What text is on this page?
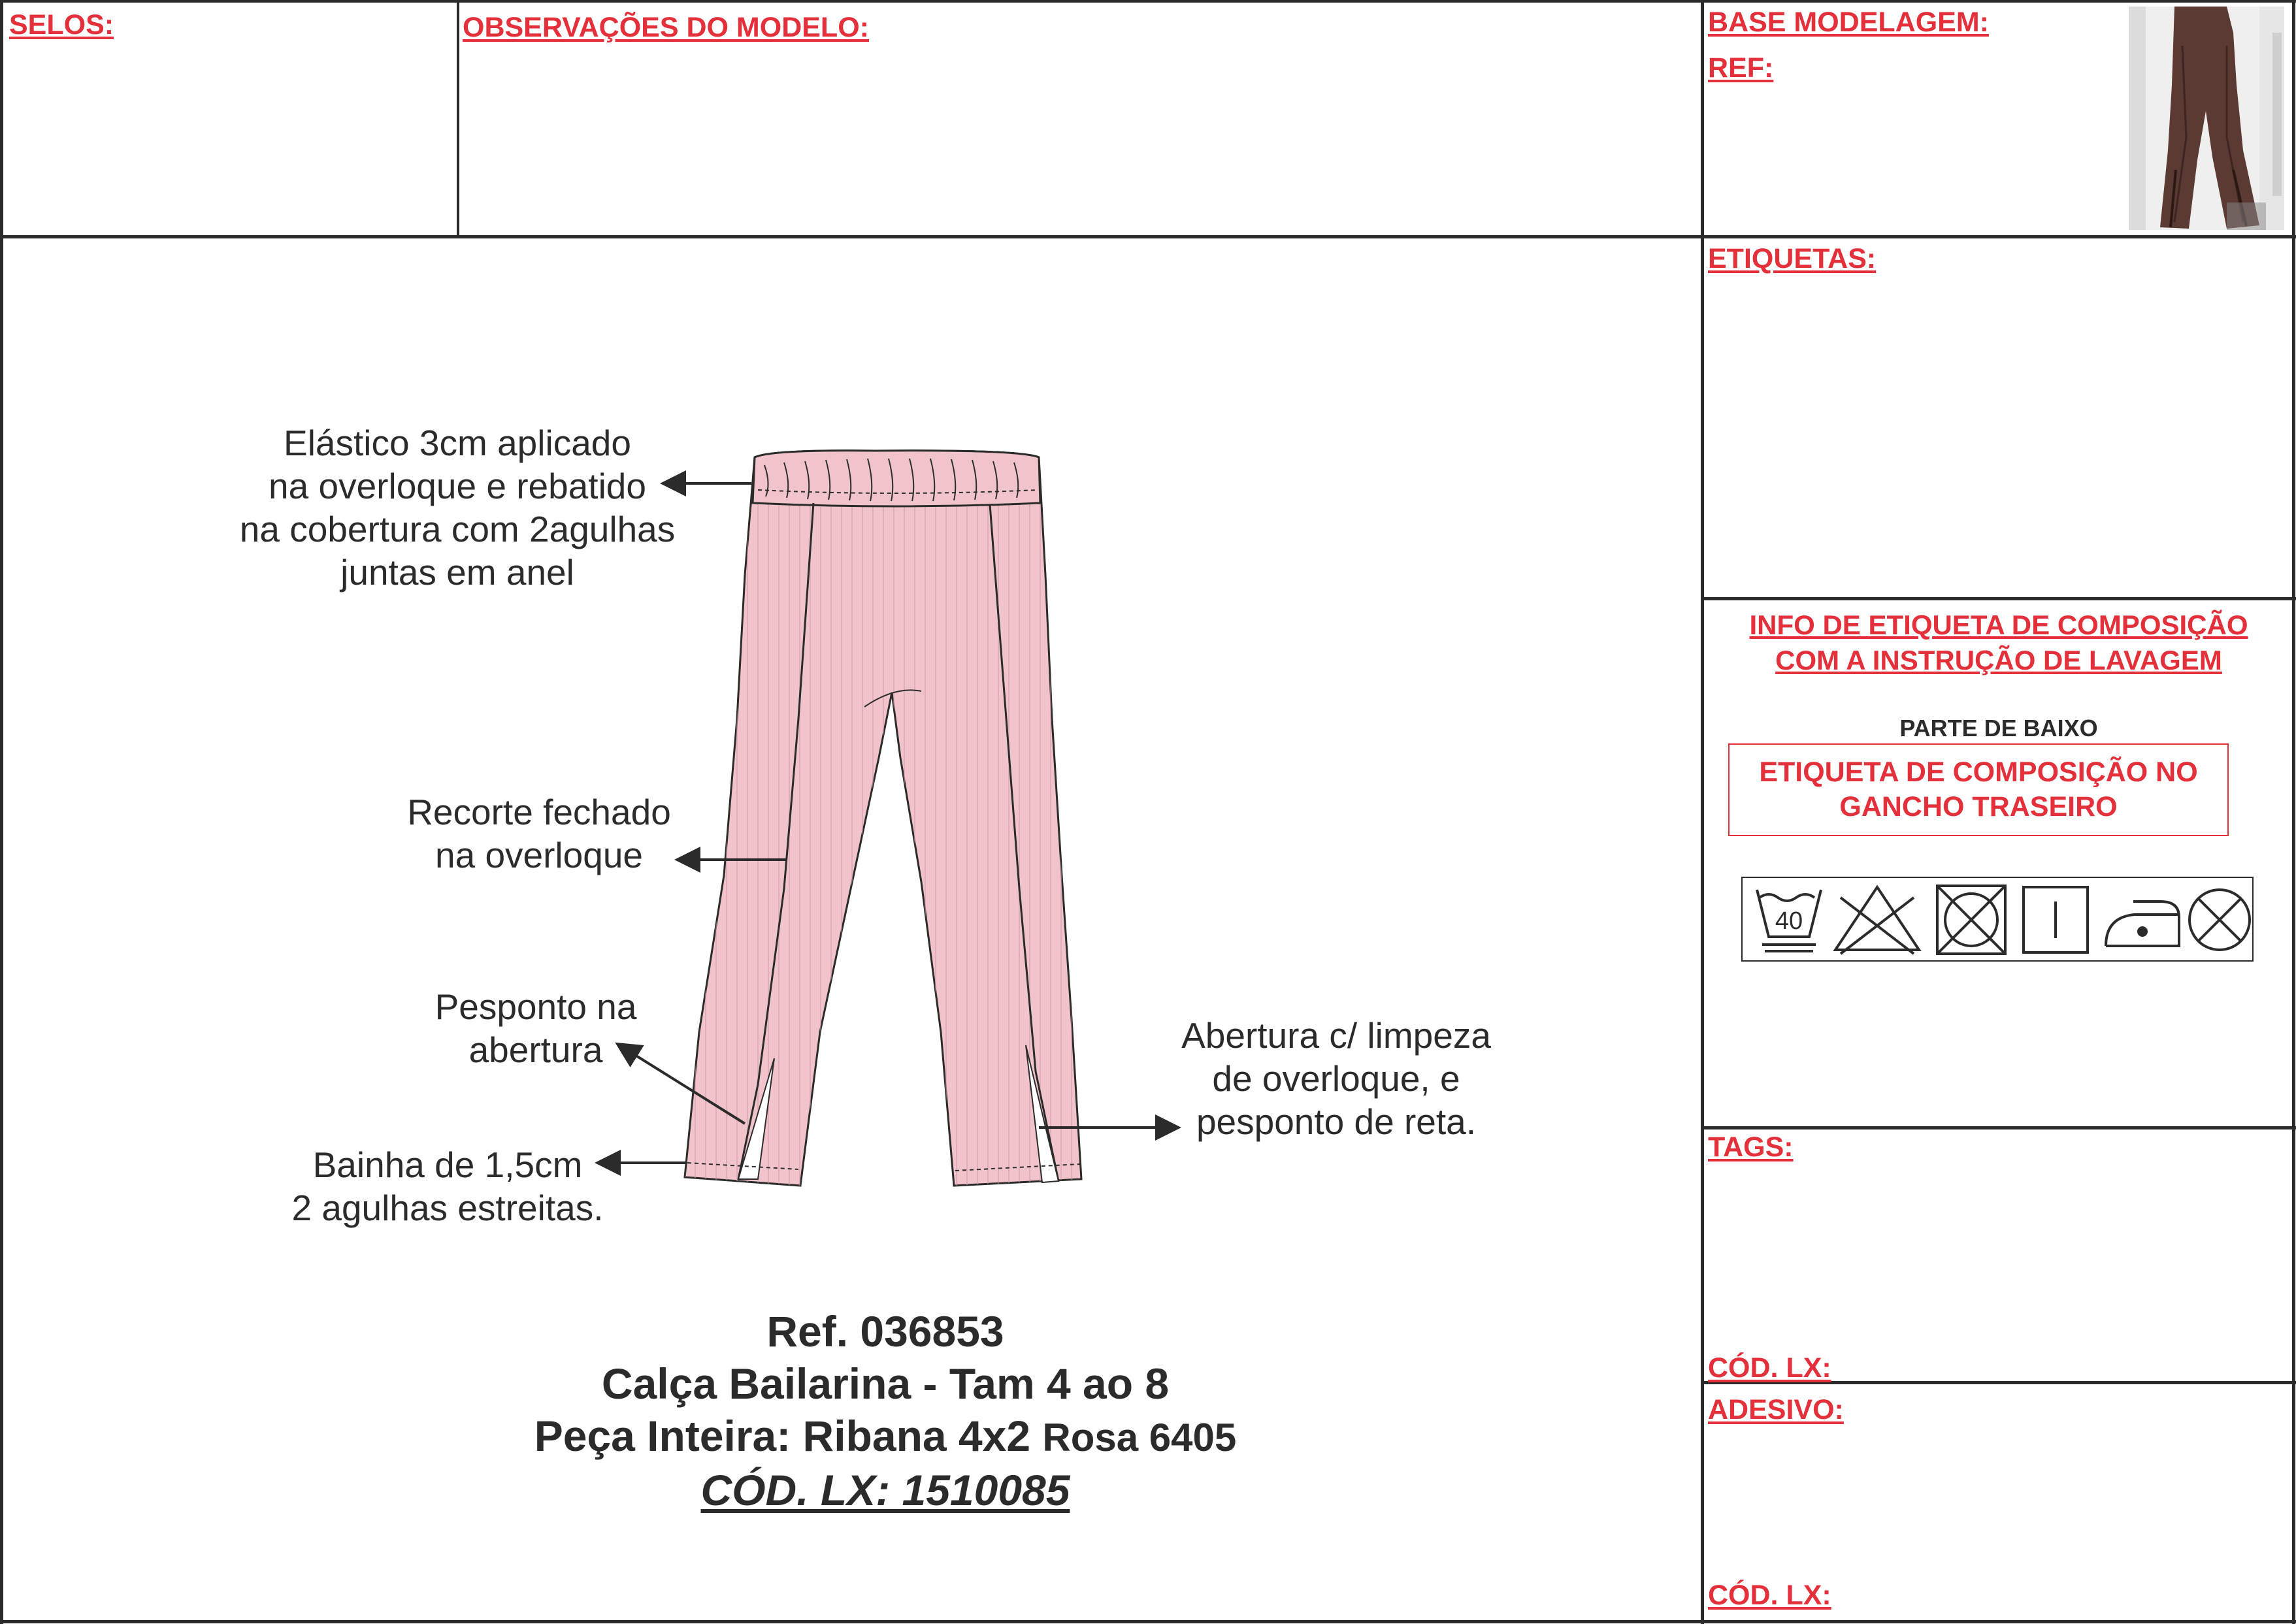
SELOS:	OBSERVAÇÕES DO MODELO:	BASE MODELAGEM:
REF:
ETIQUETAS:
INFO DE ETIQUETA DE COMPOSIÇÃO
COM A INSTRUÇÃO DE LAVAGEM
PARTE DE BAIXO
ETIQUETA DE COMPOSIÇÃO NO
GANCHO TRASEIRO
40
TAGS:
CÓD. LX:
ADESIVO:
CÓD. LX:
Elástico 3cm aplicado
na overloque e rebatido
na cobertura com 2agulhas
juntas em anel
Recorte fechado
na overloque
Pesponto na
abertura
Bainha de 1,5cm
2 agulhas estreitas.
Abertura c/ limpeza
de overloque, e
pesponto de reta.
Ref. 036853
Calça Bailarina - Tam 4 ao 8
Peça Inteira: Ribana 4x2 Rosa 6405
CÓD. LX: 1510085
